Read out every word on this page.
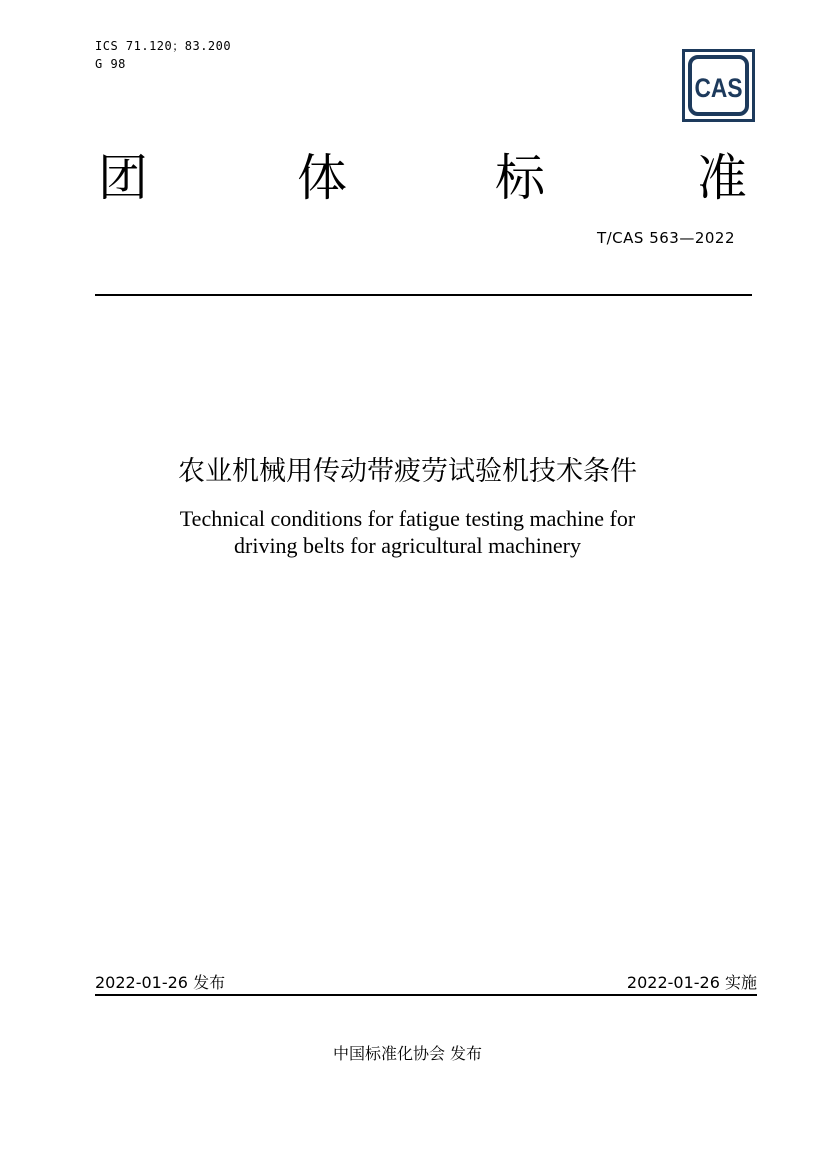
ICS 71.120；83.200
G 98
CAS
团	体	标	准
T/CAS 563—2022
农业机械用传动带疲劳试验机技术条件
Technical conditions for fatigue testing machine for
driving belts for agricultural machinery
2022-01-26 发布	2022-01-26 实施
中国标准化协会 发布
